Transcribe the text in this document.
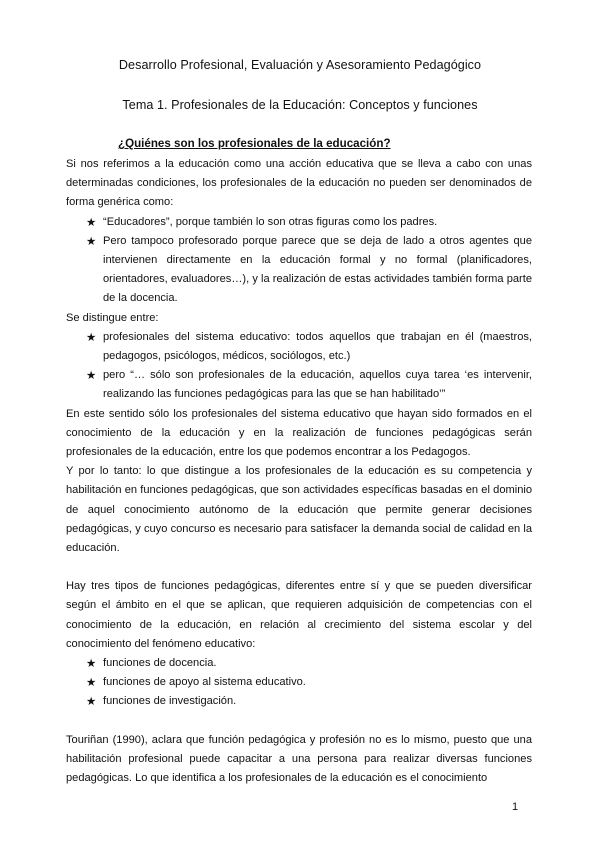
Desarrollo Profesional, Evaluación y Asesoramiento Pedagógico
Tema 1. Profesionales de la Educación: Conceptos y funciones
¿Quiénes son los profesionales de la educación?

Si nos referimos a la educación como una acción educativa que se lleva a cabo con unas determinadas condiciones, los profesionales de la educación no pueden ser denominados de forma genérica como:

★ “Educadores”, porque también lo son otras figuras como los padres.
★ Pero tampoco profesorado porque parece que se deja de lado a otros agentes que intervienen directamente en la educación formal y no formal (planificadores, orientadores, evaluadores…), y la realización de estas actividades también forma parte de la docencia.

Se distingue entre:

★ profesionales del sistema educativo: todos aquellos que trabajan en él (maestros, pedagogos, psicólogos, médicos, sociólogos, etc.)
★ pero “… sólo son profesionales de la educación, aquellos cuya tarea ‘es intervenir, realizando las funciones pedagógicas para las que se han habilitado’”

En este sentido sólo los profesionales del sistema educativo que hayan sido formados en el conocimiento de la educación y en la realización de funciones pedagógicas serán profesionales de la educación, entre los que podemos encontrar a los Pedagogos.

Y por lo tanto: lo que distingue a los profesionales de la educación es su competencia y habilitación en funciones pedagógicas, que son actividades específicas basadas en el dominio de aquel conocimiento autónomo de la educación que permite generar decisiones pedagógicas, y cuyo concurso es necesario para satisfacer la demanda social de calidad en la educación.

Hay tres tipos de funciones pedagógicas, diferentes entre sí y que se pueden diversificar según el ámbito en el que se aplican, que requieren adquisición de competencias con el conocimiento de la educación, en relación al crecimiento del sistema escolar y del conocimiento del fenómeno educativo:

★ funciones de docencia.
★ funciones de apoyo al sistema educativo.
★ funciones de investigación.

Touriñan (1990), aclara que función pedagógica y profesión no es lo mismo, puesto que una habilitación profesional puede capacitar a una persona para realizar diversas funciones pedagógicas. Lo que identifica a los profesionales de la educación es el conocimiento

1
